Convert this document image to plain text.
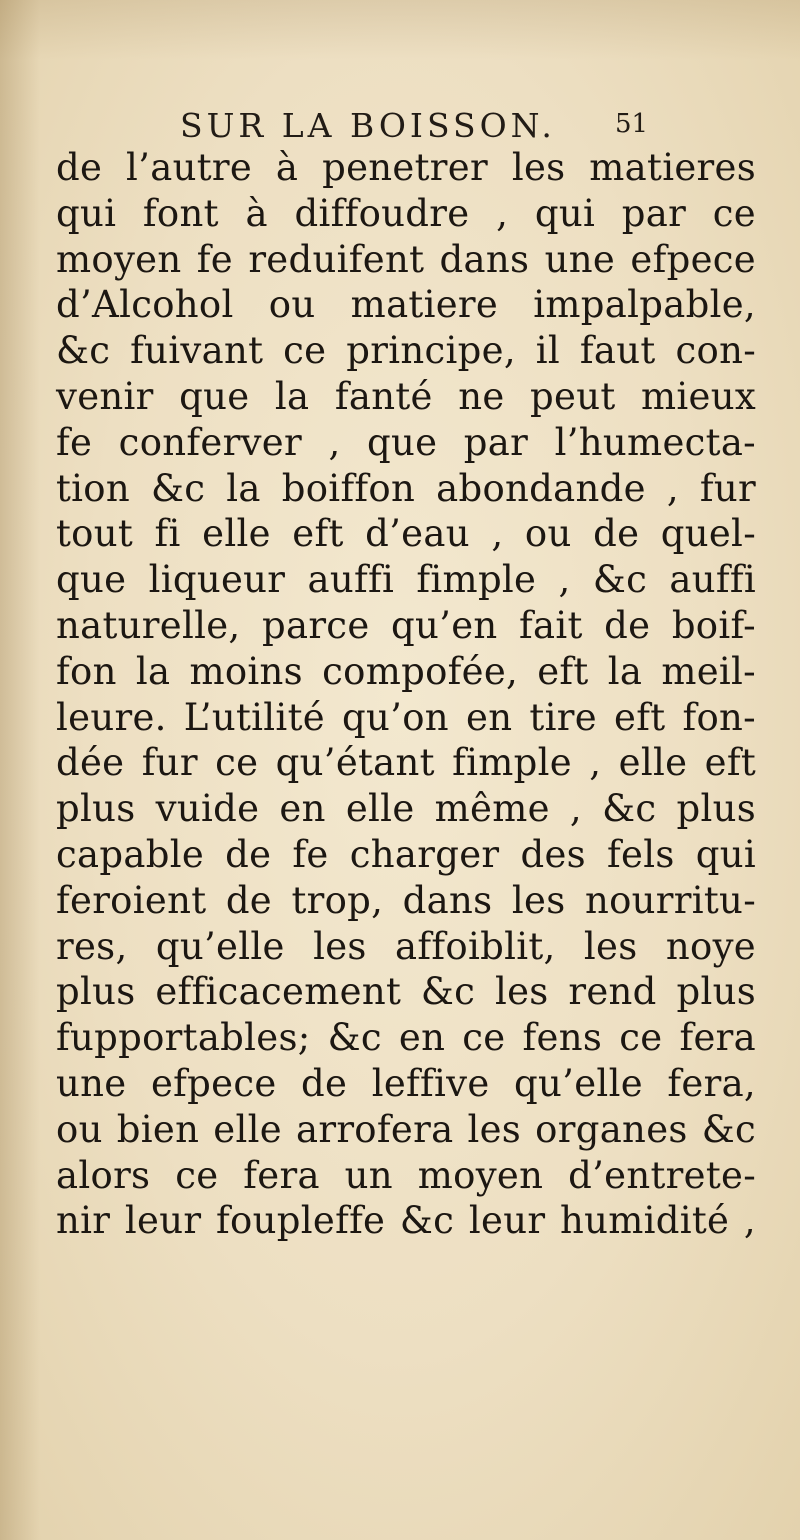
SUR LA BOISSON. 51
de l’autre à penetrer les matieres
qui font à diffoudre , qui par ce
moyen fe reduifent dans une efpece
d’Alcohol ou matiere impalpable,
&c fuivant ce principe, il faut con-
venir que la fanté ne peut mieux
fe conferver , que par l’humecta-
tion &c la boiffon abondande , fur
tout fi elle eft d’eau , ou de quel-
que liqueur auffi fimple , &c auffi
naturelle, parce qu’en fait de boif-
fon la moins compofée, eft la meil-
leure. L’utilité qu’on en tire eft fon-
dée fur ce qu’étant fimple , elle eft
plus vuide en elle même , &c plus
capable de fe charger des fels qui
feroient de trop, dans les nourritu-
res, qu’elle les affoiblit, les noye
plus efficacement &c les rend plus
fupportables; &c en ce fens ce fera
une efpece de leffive qu’elle fera,
ou bien elle arrofera les organes &c
alors ce fera un moyen d’entrete-
nir leur foupleffe &c leur humidité ,
